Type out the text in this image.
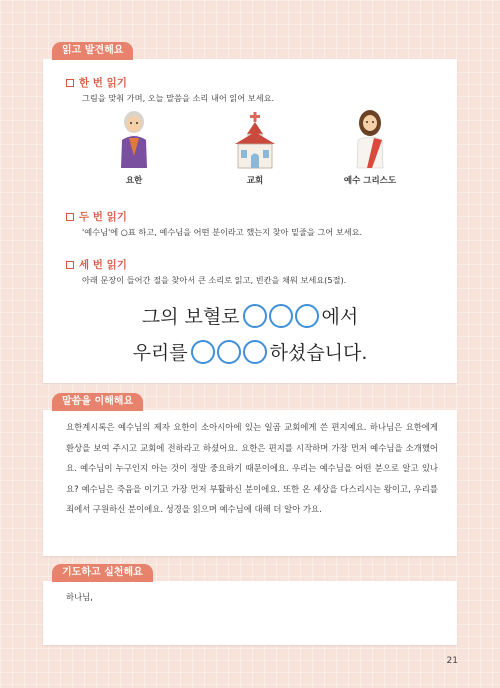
읽고 발견해요
한 번 읽기
그림을 맞춰 가며, 오늘 말씀을 소리 내어 읽어 보세요.
요한	교회	예수 그리스도
두 번 읽기
'예수님'에 ○표 하고, 예수님을 어떤 분이라고 했는지 찾아 밑줄을 그어 보세요.
세 번 읽기
아래 문장이 들어간 절을 찾아서 큰 소리로 읽고, 빈칸을 채워 보세요(5절).
그의 보혈로	에서
우리를	하셨습니다.
말씀을 이해해요
요한계시록은 예수님의 제자 요한이 소아시아에 있는 일곱 교회에게 쓴 편지예요. 하나님은 요한에게 환상을 보여 주시고 교회에 전하라고 하셨어요. 요한은 편지를 시작하며 가장 먼저 예수님을 소개했어요. 예수님이 누구인지 아는 것이 정말 중요하기 때문이에요. 우리는 예수님을 어떤 분으로 알고 있나요? 예수님은 죽음을 이기고 가장 먼저 부활하신 분이에요. 또한 온 세상을 다스리시는 왕이고, 우리를 죄에서 구원하신 분이에요. 성경을 읽으며 예수님에 대해 더 알아 가요.
기도하고 실천해요
하나님,
21
